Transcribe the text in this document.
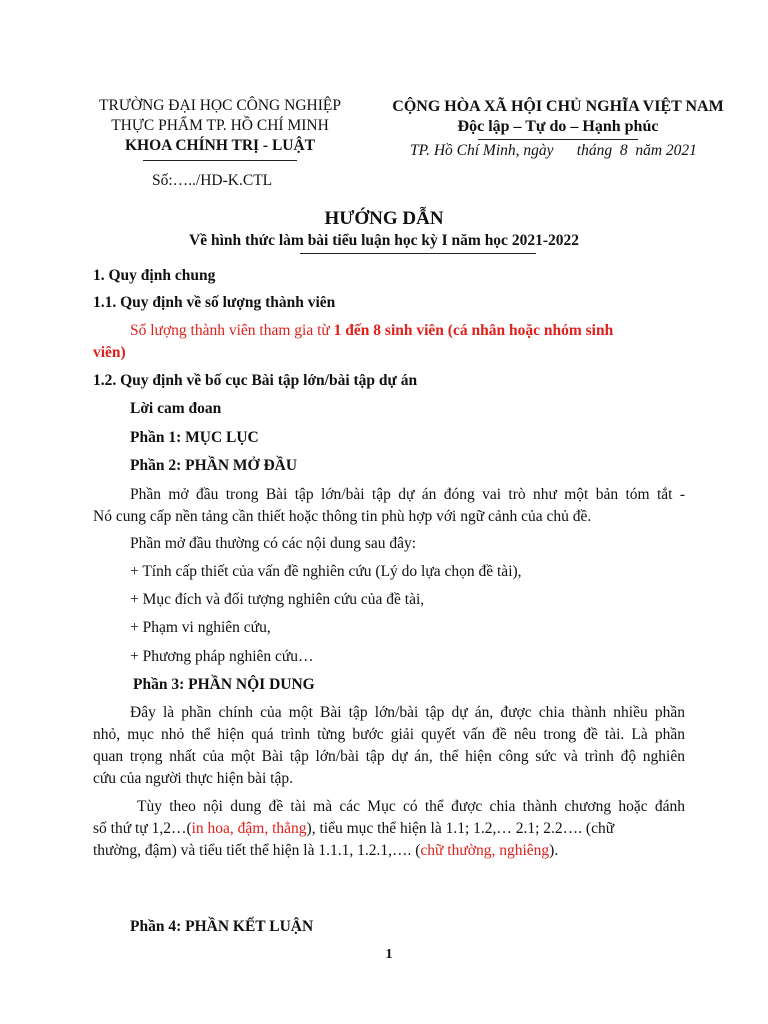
TRƯỜNG ĐẠI HỌC CÔNG NGHIỆP
THỰC PHẨM TP. HỒ CHÍ MINH
KHOA CHÍNH TRỊ - LUẬT
Số:…../HD-K.CTL
CỘNG HÒA XÃ HỘI CHỦ NGHĨA VIỆT NAM
Độc lập – Tự do – Hạnh phúc
TP. Hồ Chí Minh, ngày      tháng  8  năm 2021
HƯỚNG DẪN
Về hình thức làm bài tiểu luận học kỳ I năm học 2021-2022

1. Quy định chung

1.1. Quy định về số lượng thành viên

Số lượng thành viên tham gia từ 1 đến 8 sinh viên (cá nhân hoặc nhóm sinh

viên)

1.2. Quy định về bố cục Bài tập lớn/bài tập dự án

Lời cam đoan

Phần 1: MỤC LỤC

Phần 2: PHẦN MỞ ĐẦU

Phần mở đầu trong Bài tập lớn/bài tập dự án đóng vai trò như một bản tóm tắt -

Nó cung cấp nền tảng cần thiết hoặc thông tin phù hợp với ngữ cảnh của chủ đề.

Phần mở đầu thường có các nội dung sau đây:

+ Tính cấp thiết của vấn đề nghiên cứu (Lý do lựa chọn đề tài),

+ Mục đích và đối tượng nghiên cứu của đề tài,

+ Phạm vi nghiên cứu,

+ Phương pháp nghiên cứu…

Phần 3: PHẦN NỘI DUNG

Đây là phần chính của một Bài tập lớn/bài tập dự án, được chia thành nhiều phần

nhỏ, mục nhỏ thể hiện quá trình từng bước giải quyết vấn đề nêu trong đề tài. Là phần

quan trọng nhất của một Bài tập lớn/bài tập dự án, thể hiện công sức và trình độ nghiên

cứu của người thực hiện bài tập.

Tùy theo nội dung đề tài mà các Mục có thể được chia thành chương hoặc đánh

số thứ tự 1,2…(in hoa, đậm, thẳng), tiểu mục thể hiện là 1.1; 1.2,… 2.1; 2.2…. (chữ

thường, đậm) và tiểu tiết thể hiện là 1.1.1, 1.2.1,…. (chữ thường, nghiêng).

Phần 4: PHẦN KẾT LUẬN

1
